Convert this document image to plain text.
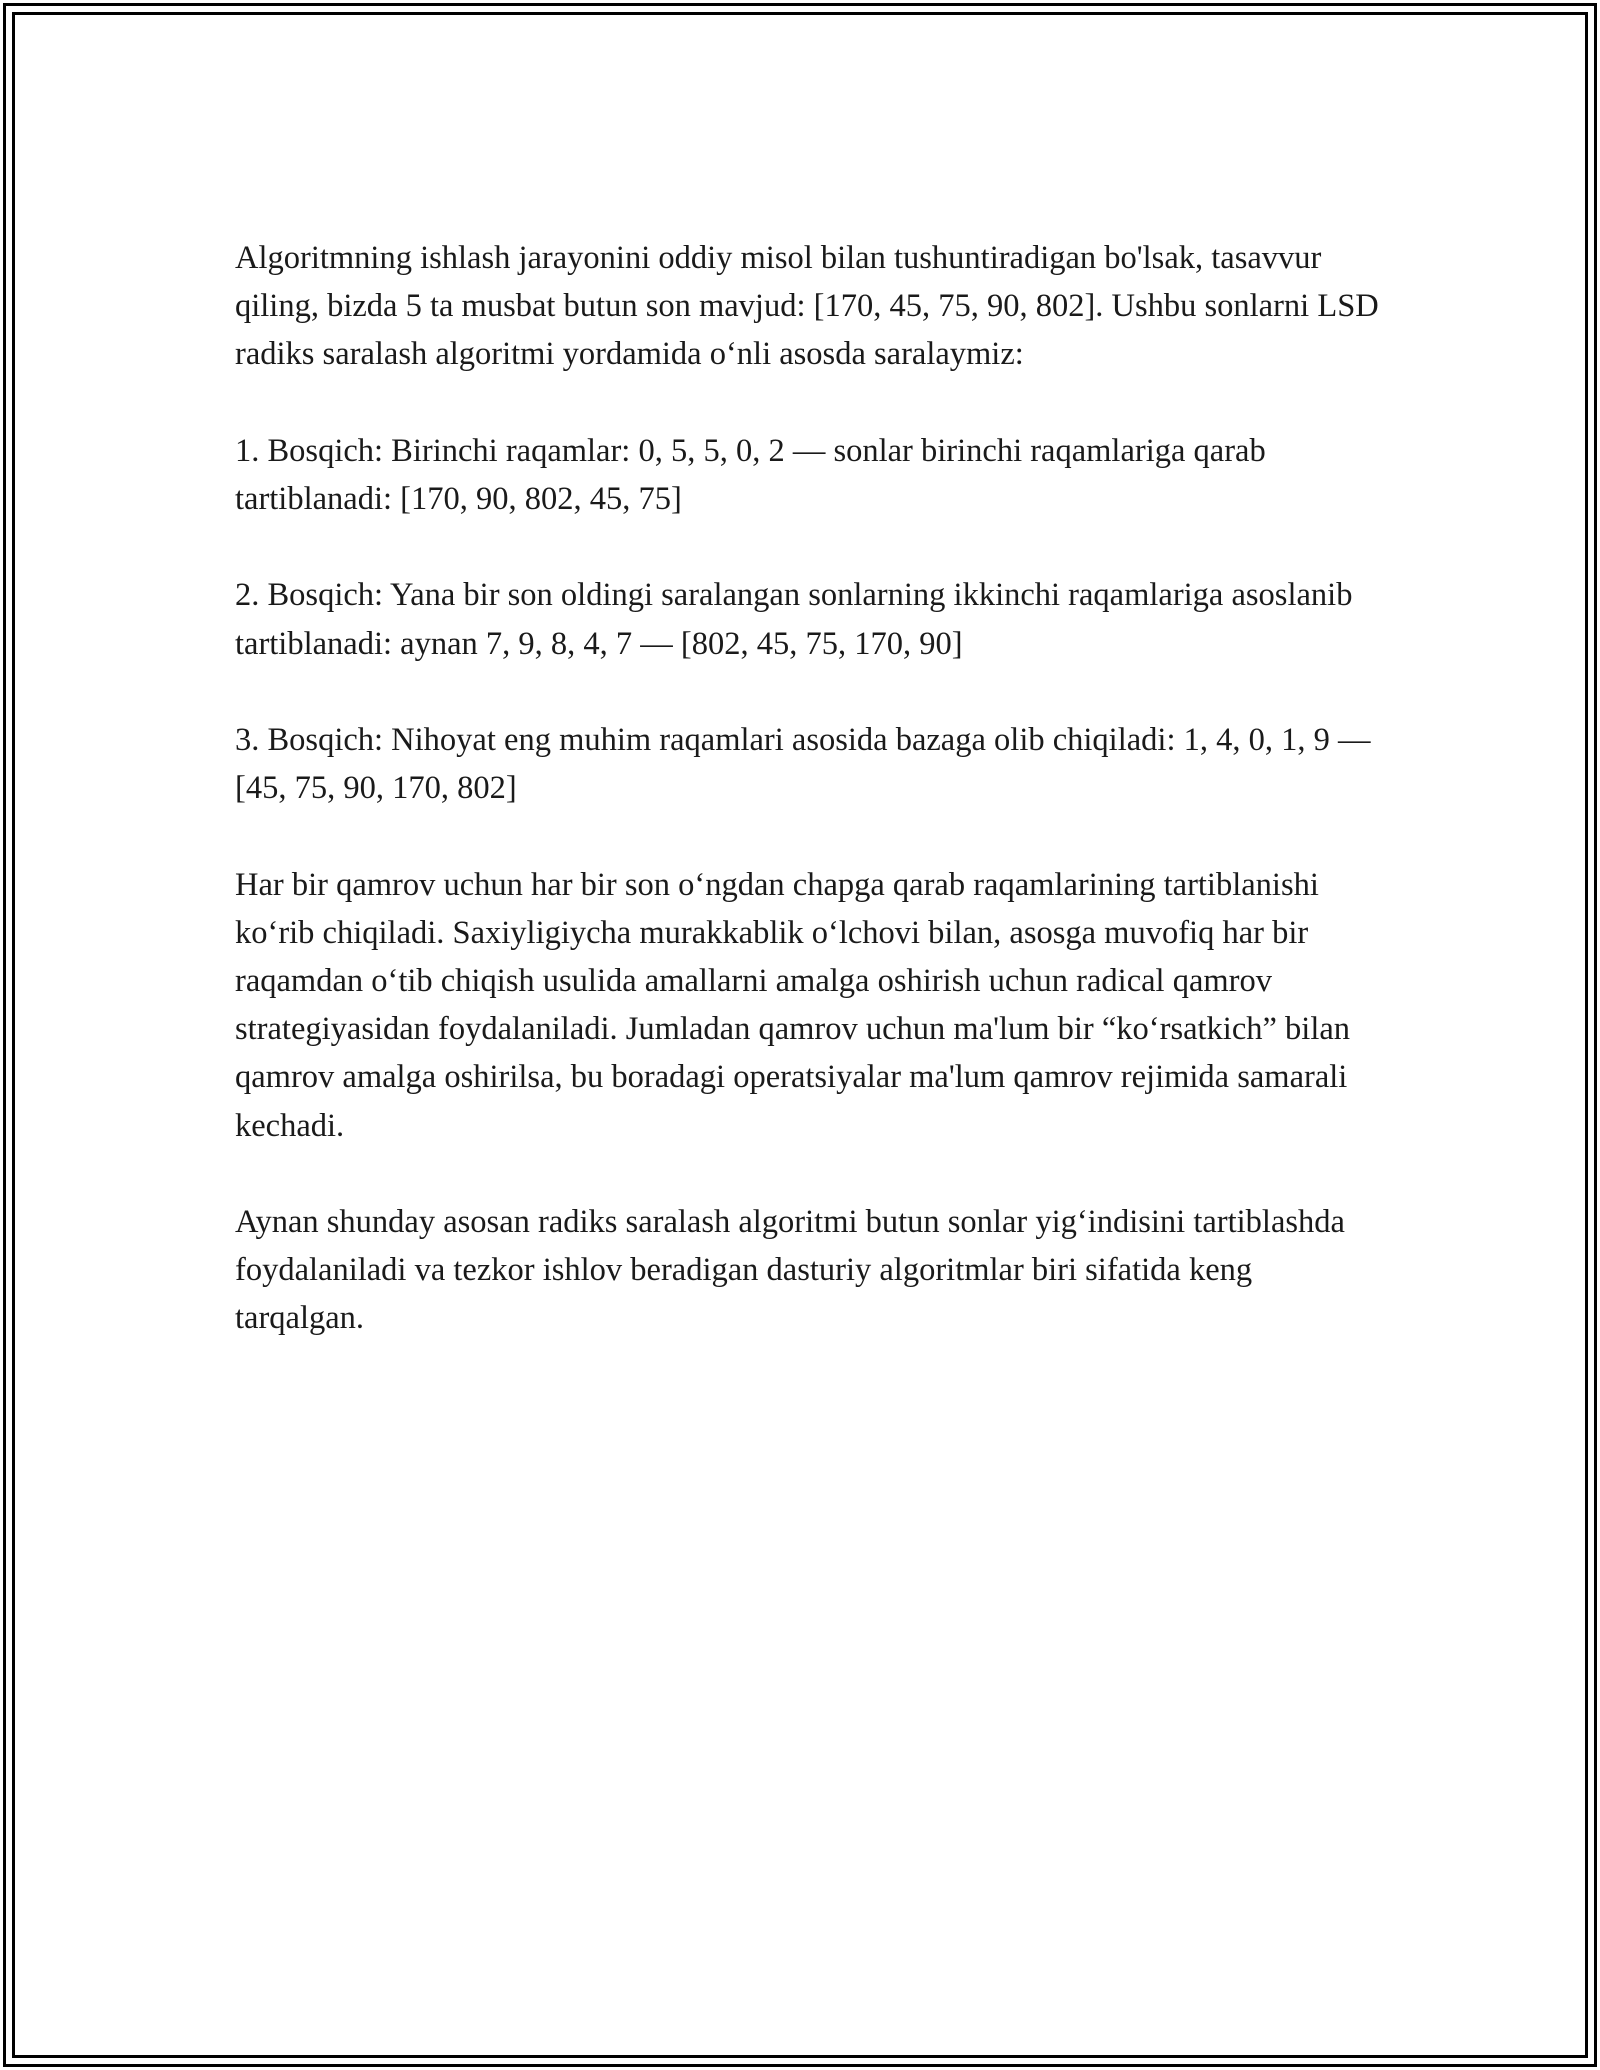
Algoritmning ishlash jarayonini oddiy misol bilan tushuntiradigan bo'lsak, tasavvur qiling, bizda 5 ta musbat butun son mavjud: [170, 45, 75, 90, 802]. Ushbu sonlarni LSD radiks saralash algoritmi yordamida o‘nli asosda saralaymiz:

1. Bosqich: Birinchi raqamlar: 0, 5, 5, 0, 2 — sonlar birinchi raqamlariga qarab tartiblanadi: [170, 90, 802, 45, 75]

2. Bosqich: Yana bir son oldingi saralangan sonlarning ikkinchi raqamlariga asoslanib tartiblanadi: aynan 7, 9, 8, 4, 7 — [802, 45, 75, 170, 90]

3. Bosqich: Nihoyat eng muhim raqamlari asosida bazaga olib chiqiladi: 1, 4, 0, 1, 9 — [45, 75, 90, 170, 802]

Har bir qamrov uchun har bir son o‘ngdan chapga qarab raqamlarining tartiblanishi ko‘rib chiqiladi. Saxiyligiycha murakkablik o‘lchovi bilan, asosga muvofiq har bir raqamdan o‘tib chiqish usulida amallarni amalga oshirish uchun radical qamrov strategiyasidan foydalaniladi. Jumladan qamrov uchun ma'lum bir “ko‘rsatkich” bilan qamrov amalga oshirilsa, bu boradagi operatsiyalar ma'lum qamrov rejimida samarali kechadi.

Aynan shunday asosan radiks saralash algoritmi butun sonlar yig‘indisini tartiblashda foydalaniladi va tezkor ishlov beradigan dasturiy algoritmlar biri sifatida keng tarqalgan.
